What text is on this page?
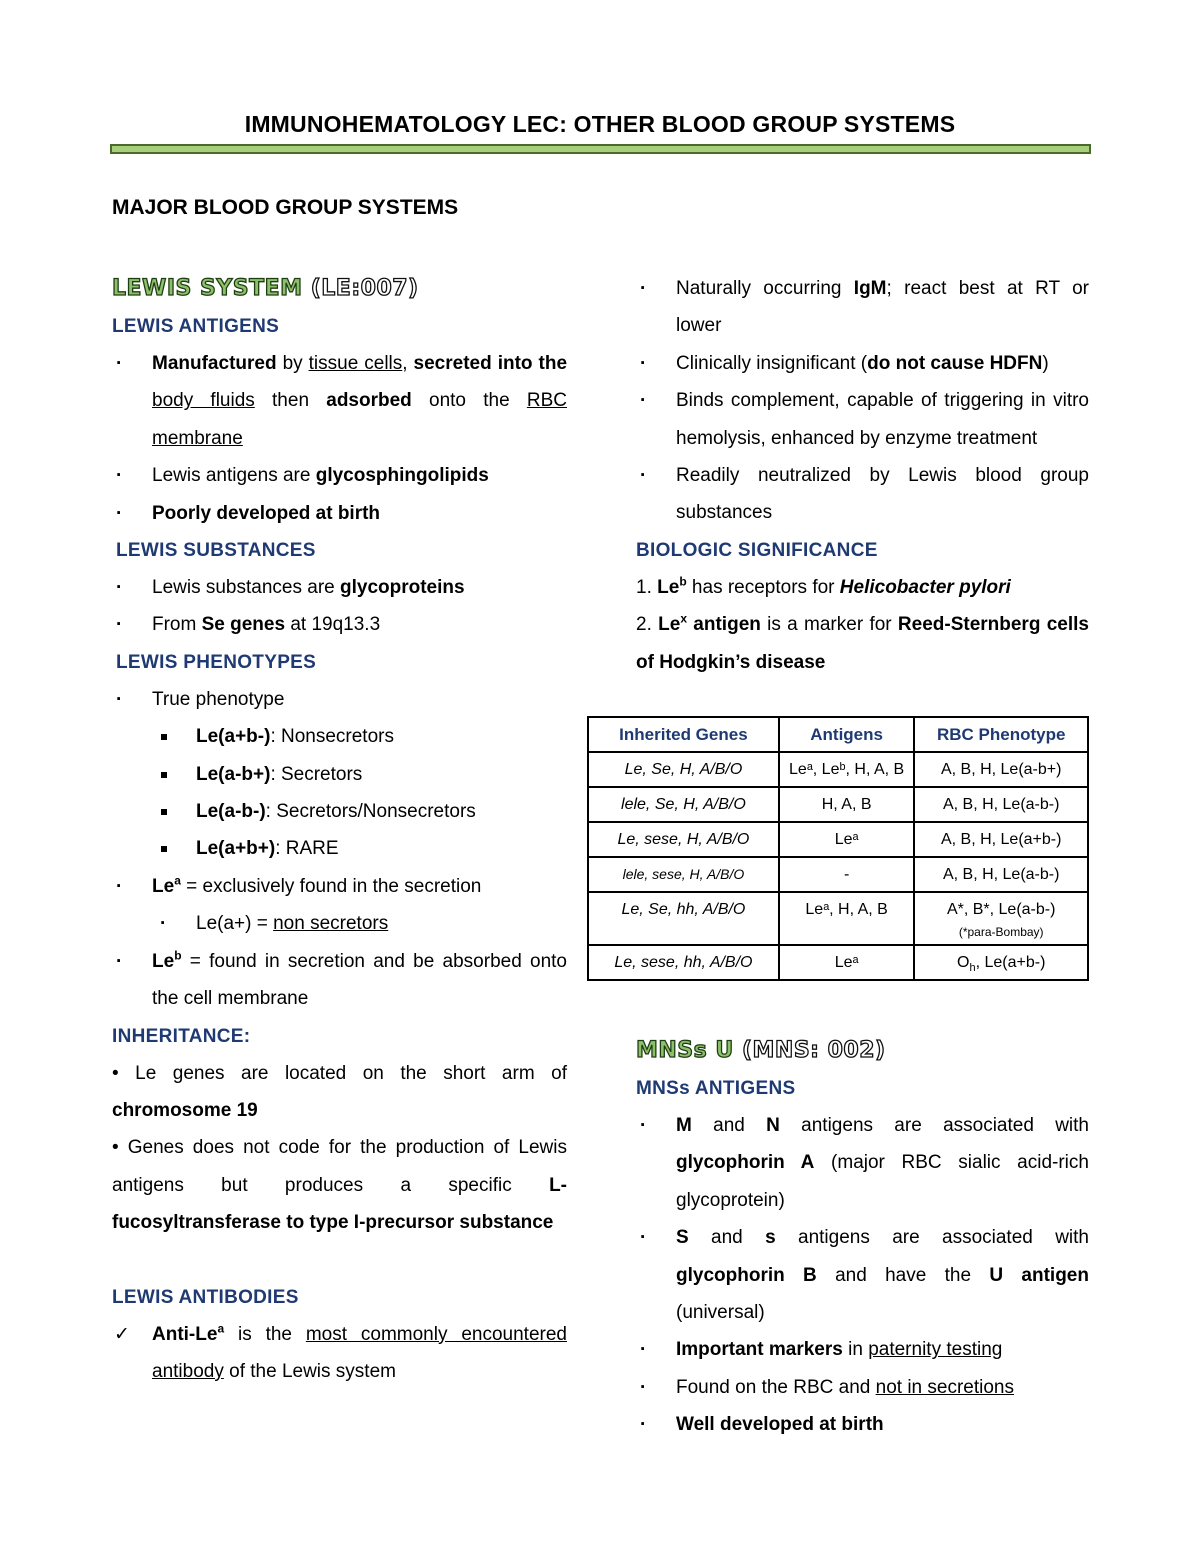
IMMUNOHEMATOLOGY LEC: OTHER BLOOD GROUP SYSTEMS
MAJOR BLOOD GROUP SYSTEMS
LEWIS SYSTEM (LE:007)
LEWIS ANTIGENS
· Manufactured by tissue cells, secreted into the body fluids then adsorbed onto the RBC membrane
· Lewis antigens are glycosphingolipids
· Poorly developed at birth
LEWIS SUBSTANCES
· Lewis substances are glycoproteins
· From Se genes at 19q13.3
LEWIS PHENOTYPES
· True phenotype
Le(a+b-): Nonsecretors
Le(a-b+): Secretors
Le(a-b-): Secretors/Nonsecretors
Le(a+b+): RARE
· $Le^a$ = exclusively found in the secretion
· Le(a+) = non secretors
· $Le^b$ = found in secretion and be absorbed onto the cell membrane
INHERITANCE:
• Le genes are located on the short arm of chromosome 19
• Genes does not code for the production of Lewis antigens but produces a specific L-fucosyltransferase to type I-precursor substance
LEWIS ANTIBODIES
✓ Anti-Le$^a$ is the most commonly encountered antibody of the Lewis system
· Naturally occurring IgM; react best at RT or lower
· Clinically insignificant (do not cause HDFN)
· Binds complement, capable of triggering in vitro hemolysis, enhanced by enzyme treatment
· Readily neutralized by Lewis blood group substances
BIOLOGIC SIGNIFICANCE
1. Le$^b$ has receptors for Helicobacter pylori
2. Le$^x$ antigen is a marker for Reed-Sternberg cells of Hodgkin’s disease
Inherited Genes	Antigens	RBC Phenotype
Le, Se, H, A/B/O	Leᵃ, Leᵇ, H, A, B	A, B, H, Le(a-b+)
lele, Se, H, A/B/O	H, A, B	A, B, H, Le(a-b-)
Le, sese, H, A/B/O	Leᵃ	A, B, H, Le(a+b-)
lele, sese, H, A/B/O	-	A, B, H, Le(a-b-)
Le, Se, hh, A/B/O	Leᵃ, H, A, B	A*, B*, Le(a-b-)
(*para-Bombay)

Le, sese, hh, A/B/O	Leᵃ	$O_h$, Le(a+b-)
MNSs U (MNS: 002)
MNSs ANTIGENS
· M and N antigens are associated with glycophorin A (major RBC sialic acid-rich glycoprotein)
· S and s antigens are associated with glycophorin B and have the U antigen (universal)
· Important markers in paternity testing
· Found on the RBC and not in secretions
· Well developed at birth
